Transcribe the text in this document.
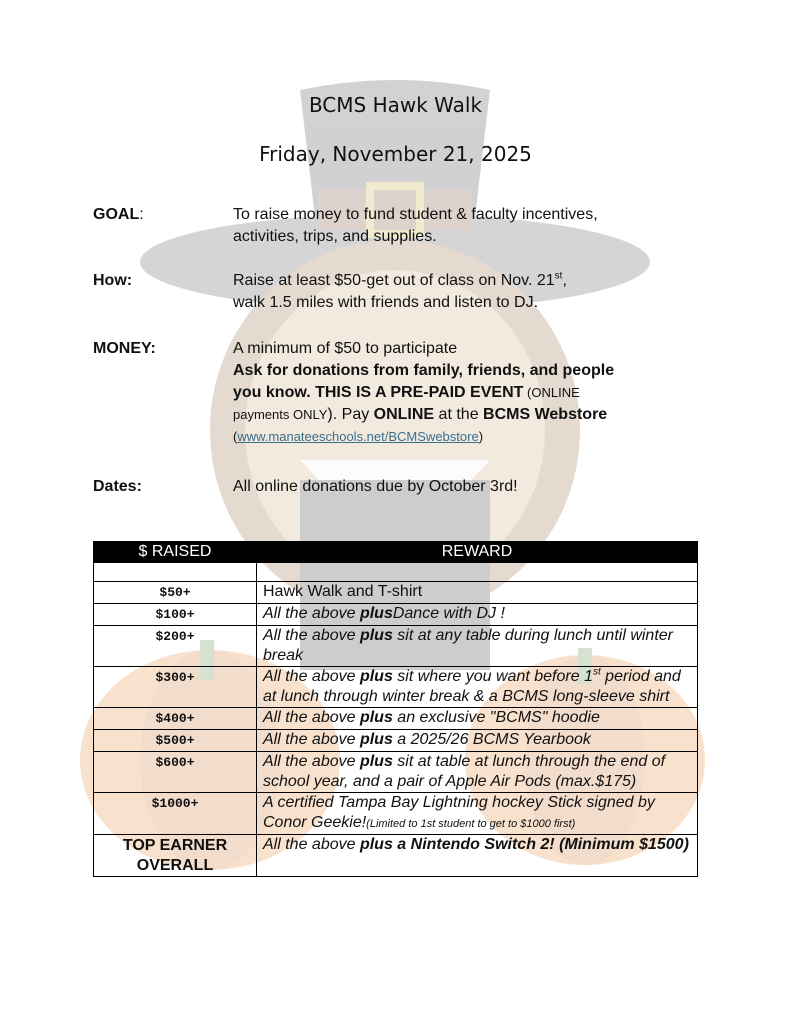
BCMS Hawk Walk
Friday, November 21, 2025
GOAL:	To raise money to fund student & faculty incentives,
activities, trips, and supplies.
How:	Raise at least $50-get out of class on Nov. 21st,
walk 1.5 miles with friends and listen to DJ.
MONEY:	A minimum of $50 to participate
Ask for donations from family, friends, and people
you know. THIS IS A PRE-PAID EVENT (ONLINE
payments ONLY). Pay ONLINE at the BCMS Webstore
(www.manateeschools.net/BCMSwebstore)
Dates:	All online donations due by October 3rd!
$ RAISED	REWARD

$50+	Hawk Walk and T-shirt
$100+	All the above plusDance with DJ !
$200+	All the above plus sit at any table during lunch until winter break
$300+	All the above plus sit where you want before 1st period and at lunch through winter break & a BCMS long-sleeve shirt
$400+	All the above plus an exclusive "BCMS" hoodie
$500+	All the above plus a 2025/26 BCMS Yearbook
$600+	All the above plus sit at table at lunch through the end of school year, and a pair of Apple Air Pods (max.$175)
$1000+	A certified Tampa Bay Lightning hockey Stick signed by Conor Geekie!(Limited to 1st student to get to $1000 first)
TOP EARNER OVERALL	All the above plus a Nintendo Switch 2! (Minimum $1500)
